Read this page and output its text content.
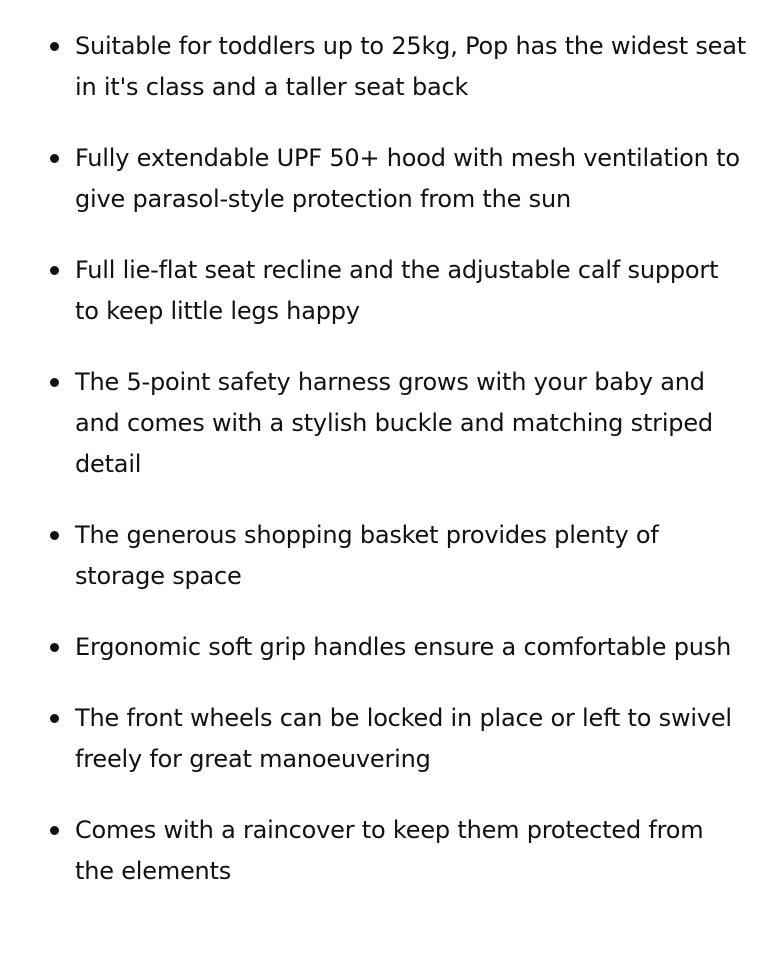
Suitable for toddlers up to 25kg, Pop has the widest seat in it's class and a taller seat back
Fully extendable UPF 50+ hood with mesh ventilation to give parasol-style protection from the sun
Full lie-flat seat recline and the adjustable calf support to keep little legs happy
The 5-point safety harness grows with your baby and and comes with a stylish buckle and matching striped detail
The generous shopping basket provides plenty of storage space
Ergonomic soft grip handles ensure a comfortable push
The front wheels can be locked in place or left to swivel freely for great manoeuvering
Comes with a raincover to keep them protected from the elements
